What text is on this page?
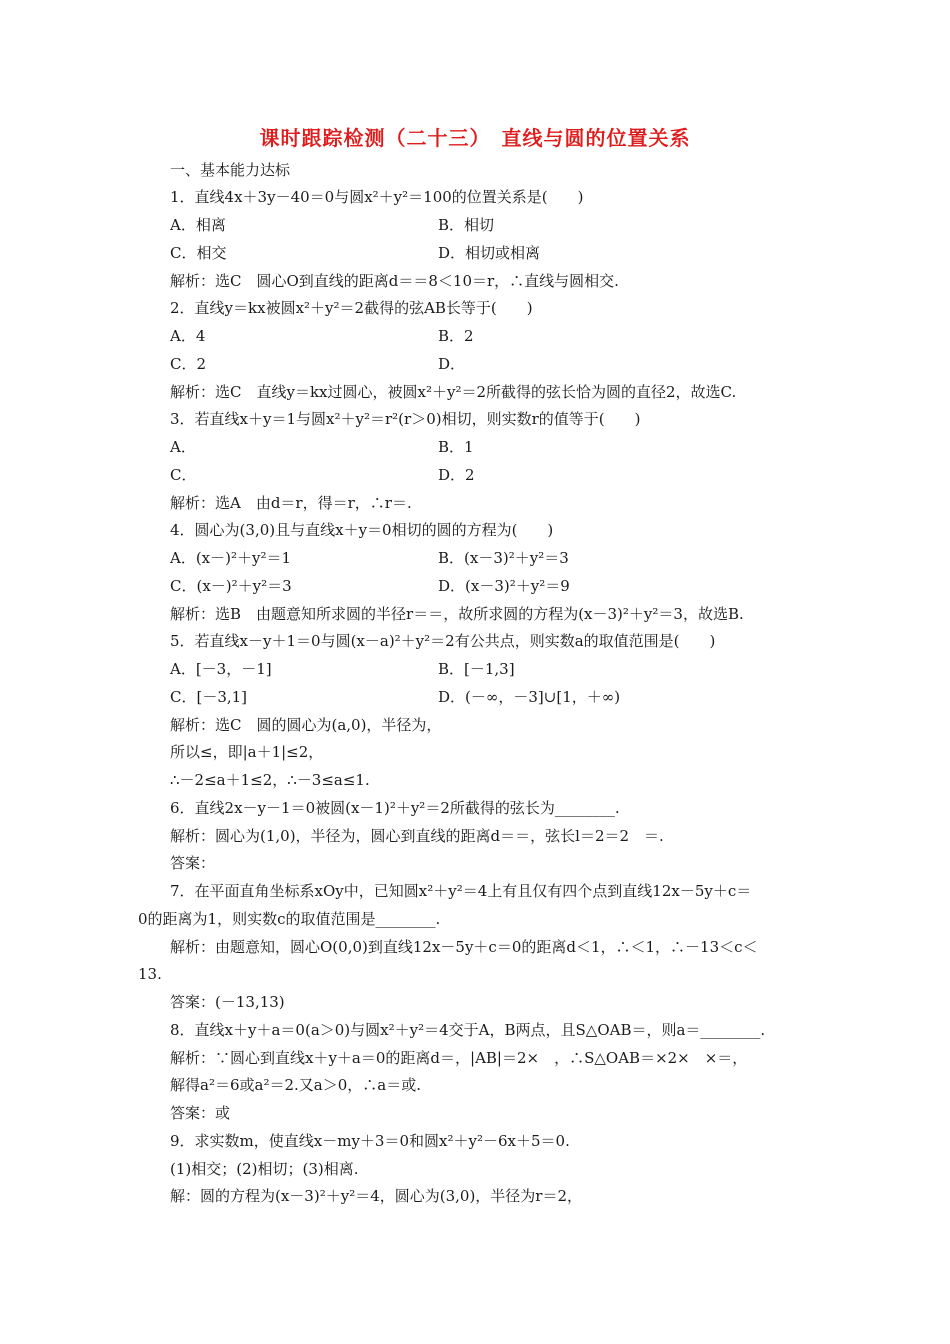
课时跟踪检测（二十三）　直线与圆的位置关系
一、基本能力达标
1．直线4x＋3y－40＝0与圆x²＋y²＝100的位置关系是(　　)
A．相离	B．相切
C．相交	D．相切或相离
解析：选C　圆心O到直线的距离d＝＝8＜10＝r，∴直线与圆相交.
2．直线y＝kx被圆x²＋y²＝2截得的弦AB长等于(　　)
A．4	B．2
C．2	D．
解析：选C　直线y＝kx过圆心，被圆x²＋y²＝2所截得的弦长恰为圆的直径2，故选C.
3．若直线x＋y＝1与圆x²＋y²＝r²(r＞0)相切，则实数r的值等于(　　)
A．	B．1
C．	D．2
解析：选A　由d＝r，得＝r，∴r＝.
4．圆心为(3,0)且与直线x＋y＝0相切的圆的方程为(　　)
A．(x－)²＋y²＝1	B．(x－3)²＋y²＝3
C．(x－)²＋y²＝3	D．(x－3)²＋y²＝9
解析：选B　由题意知所求圆的半径r＝＝，故所求圆的方程为(x－3)²＋y²＝3，故选B.
5．若直线x－y＋1＝0与圆(x－a)²＋y²＝2有公共点，则实数a的取值范围是(　　)
A．[－3，－1]	B．[－1,3]
C．[－3,1]	D．(－∞，－3]∪[1，＋∞)
解析：选C　圆的圆心为(a,0)，半径为，
所以≤，即|a＋1|≤2，
∴－2≤a＋1≤2，∴－3≤a≤1.
6．直线2x－y－1＝0被圆(x－1)²＋y²＝2所截得的弦长为________.
解析：圆心为(1,0)，半径为，圆心到直线的距离d＝＝，弦长l＝2＝2　＝.
答案：
7．在平面直角坐标系xOy中，已知圆x²＋y²＝4上有且仅有四个点到直线12x－5y＋c＝
0的距离为1，则实数c的取值范围是________.
解析：由题意知，圆心O(0,0)到直线12x－5y＋c＝0的距离d＜1，∴＜1，∴－13＜c＜
13.
答案：(－13,13)
8．直线x＋y＋a＝0(a＞0)与圆x²＋y²＝4交于A，B两点，且S△OAB＝，则a＝________.
解析：∵圆心到直线x＋y＋a＝0的距离d＝，|AB|＝2×　，∴S△OAB＝×2×　×＝，
解得a²＝6或a²＝2.又a＞0，∴a＝或.
答案：或
9．求实数m，使直线x－my＋3＝0和圆x²＋y²－6x＋5＝0.
(1)相交；(2)相切；(3)相离.
解：圆的方程为(x－3)²＋y²＝4，圆心为(3,0)，半径为r＝2，
